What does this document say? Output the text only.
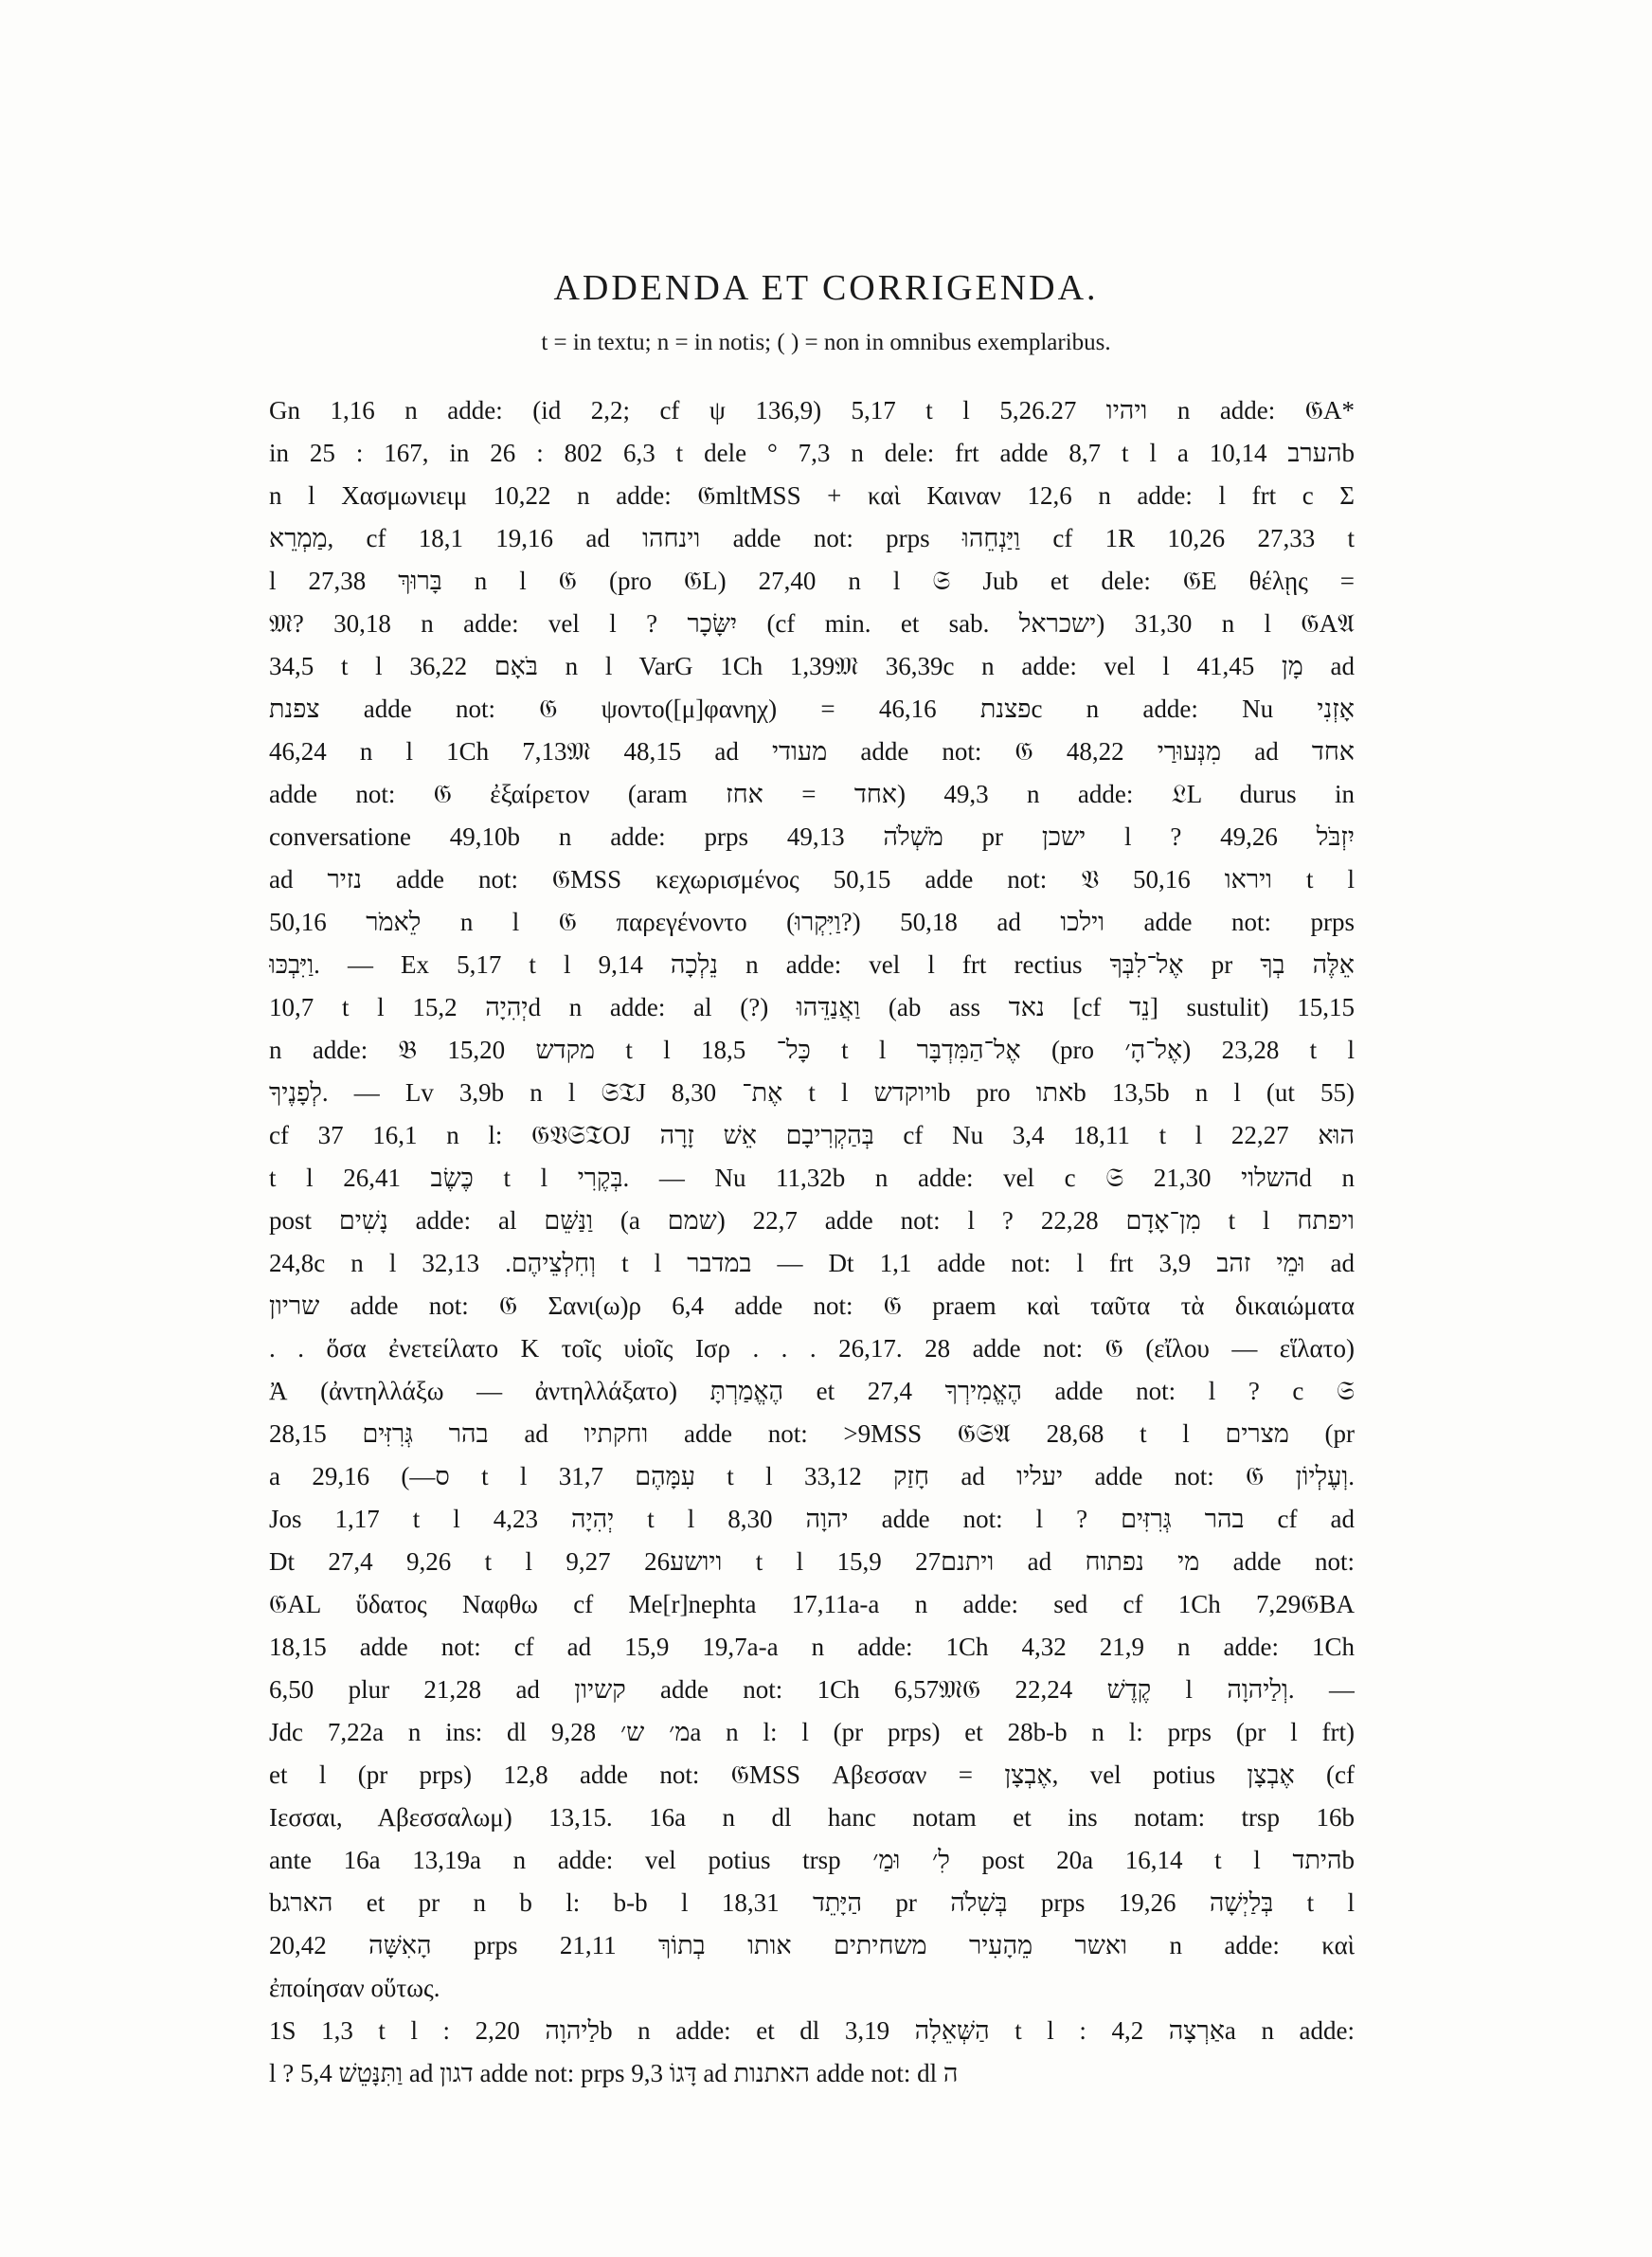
ADDENDA ET CORRIGENDA.
t = in textu; n = in notis; ( ) = non in omnibus exemplaribus.
Gn 1,16 n adde: (id 2,2; cf ψ 136,9) 5,17 t l ויהיו 5,26.27 n adde: 𝔊A*
in 25 : 167, in 26 : 802 6,3 t dele ° 7,3 n dele: frt adde 8,7 t l a הערב 10,14b
n l Χασμωνιειμ 10,22 n adde: 𝔊mltMSS + καὶ Καιναν 12,6 n adde: l frt c Σ
מַמְרֵא, cf 18,1 19,16 ad וינחהו adde not: prps וַיַּנְחֵהוּ cf 1R 10,26 27,33 t
l בָּרוּךְ 27,38 n l 𝔊 (pro 𝔊L) 27,40 n l 𝔖 Jub et dele: 𝔊E θέλῃς =
𝔐? 30,18 n adde: vel l ? יִשָּׂכָר (cf min. et sab. ישכראל) 31,30 n l 𝔊A𝔄
34,5 t l בֹּאָם 36,22 n l VarG 1Ch 1,39𝔐 36,39c n adde: vel l מָן 41,45 ad
צפנת adde not: 𝔊 ψοντο([μ]φανηχ) = פצנת 46,16c n adde: Nu אָזְנִי
46,24 n l 1Ch 7,13𝔐 48,15 ad מעודי adde not: 𝔊 מִנְּעוּרַי 48,22 ad אחד
adde not: 𝔊 ἐξαίρετον (aram אחד = אחז) 49,3 n adde: 𝔏L durus in
conversatione 49,10b n adde: prps מֹשְׁלֹה 49,13 pr ישכן l ? יִזְבֹּל 49,26
ad נזיר adde not: 𝔊MSS κεχωρισμένος 50,15 adde not: 𝔙 ויראו 50,16 t l
לֵאמֹר 50,16 n l 𝔊 παρεγένοντο (וַיִּקְרוּ?) 50,18 ad וילכו adde not: prps
וַיִּבְכּוּ. — Ex 5,17 t l נֵלְכָה 9,14 n adde: vel l frt rectius אֶל־לִבְּךָ pr אֵלֶּה בְךָ
10,7 t l יְהִיָה 15,2d n adde: al (?) וַאֲנַדֵּהוּ (ab ass נאד [cf נֵד] sustulit) 15,15
n adde: 𝔅 מקדש 15,20 t l כָּל־ 18,5 t l אֶל־הַמִּדְבָּר (pro אֶל־הָ׳) 23,28 t l
לְפָנֶיךָ. — Lv 3,9b n l 𝔖𝔗J אֶת־ 8,30 t l ויוקדשb pro אתוb 13,5b n l (ut 55)
cf 37 16,1 n l: 𝔊𝔙𝔖𝔗OJ בְּהַקְרִיבָם אֵשׁ זָרָה cf Nu 3,4 18,11 t l הוּא 22,27
t l כֶּשֶׂב 26,41 t l בְּקֶרִי. — Nu 11,32b n adde: vel c 𝔖 השלוי 21,30d n
post נָשִׁים adde: al וַנַּשֵּׁם (a שמם) 22,7 adde not: l ? מִן־אָדָם 22,28 t l ויפתח
24,8c n l וְחִלְצֵיהֶם. 32,13 t l במדבר — Dt 1,1 adde not: l frt וּמֵי זהב 3,9 ad
שריון adde not: 𝔊 Σανι(ω)ρ 6,4 adde not: 𝔊 praem καὶ ταῦτα τὰ δικαιώματα
. . ὅσα ἐνετείλατο Κ τοῖς υἱοῖς Ισρ . . . 26,17. 28 adde not: 𝔊 (εἴλου — εἵλατο)
Ἀ (ἀντηλλάξω — ἀντηλλάξατο) הֶאֱמַרְתָּ et הֶאֱמִירְךָ 27,4 adde not: l ? c 𝔖
בהר גְּרִזִּים 28,15 ad וחקתיו adde not: >9MSS 𝔊𝔖𝔄 28,68 t l מצרים (pr
a ס—) 29,16 t l עִמָּהֶם 31,7 t l חָזַק 33,12 ad יעליו adde not: 𝔊 וְעֶלְיוֹן.
Jos 1,17 t l יְהִיָה 4,23 t l יהוָה 8,30 adde not: l ? בהר גְּרִזִּים cf ad
Dt 27,4 9,26 t l ויושע26 9,27 t l ויתנם27 15,9 ad מי נפתוח adde not:
𝔊AL ὕδατος Ναφθω cf Me[r]nephta 17,11a-a n adde: sed cf 1Ch 7,29𝔊BA
18,15 adde not: cf ad 15,9 19,7a-a n adde: 1Ch 4,32 21,9 n adde: 1Ch
6,50 plur 21,28 ad קשיון adde not: 1Ch 6,57𝔐𝔊 קֶדֶשׁ 22,24 l וְלַיהוָה. —
Jdc 7,22a n ins: dl מ׳ ש׳ 9,28a n l: l (pr prps) et 28b-b n l: prps (pr l frt)
et l (pr prps) 12,8 adde not: 𝔊MSS Αβεσσαν = אֶבְצָן, vel potius אֶבְצָן (cf
Ιεσσαι, Αβεσσαλωμ) 13,15. 16a n dl hanc notam et ins notam: trsp 16b
ante 16a 13,19a n adde: vel potius trsp לִ׳ וּמַ׳ post 20a 16,14 t l היתדb
bהארג et pr n b l: b-b l הַיָּתֵד 18,31 pr בְּשִׁלֹה prps בְּלַיְשָׁה 19,26 t l
הָאִשָּׁה 20,42 prps ואשר מֵהָעִיר משחיתים אותו בְתוֹךְ 21,11 n adde: καὶ
ἐποίησαν οὕτως.
1S 1,3 t l : לַיהוָה 2,20b n adde: et dl הַשְּׁאֵלָה 3,19 t l : אַרְצָה 4,2a n adde:
l ? וַתִּנָּטֵשׁ 5,4 ad דגון adde not: prps דָּגוֹ 9,3 ad האתנות adde not: dl ה
